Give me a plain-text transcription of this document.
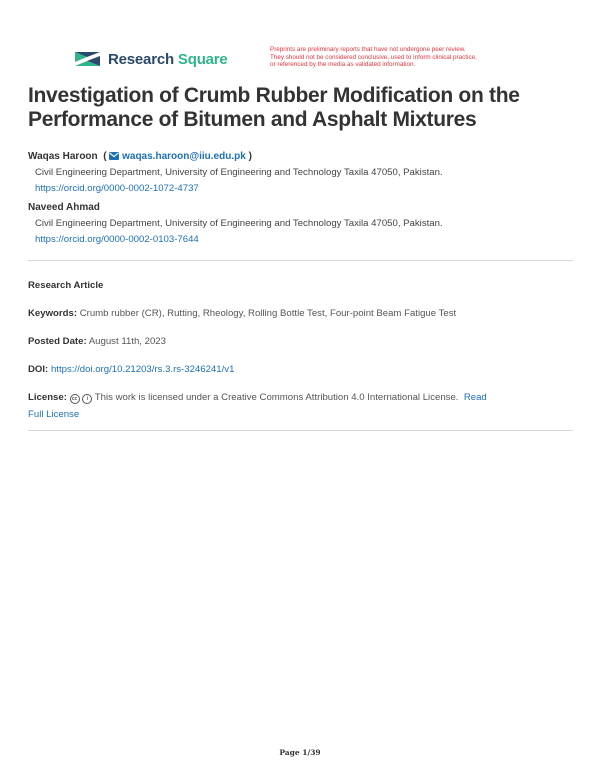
Research Square
Preprints are preliminary reports that have not undergone peer review.
They should not be considered conclusive, used to inform clinical practice,
or referenced by the media as validated information.
Investigation of Crumb Rubber Modification on the
Performance of Bitumen and Asphalt Mixtures
Waqas Haroon ( waqas.haroon@iiu.edu.pk )
Civil Engineering Department, University of Engineering and Technology Taxila 47050, Pakistan.
https://orcid.org/0000-0002-1072-4737
Naveed Ahmad
Civil Engineering Department, University of Engineering and Technology Taxila 47050, Pakistan.
https://orcid.org/0000-0002-0103-7644
Research Article
Keywords: Crumb rubber (CR), Rutting, Rheology, Rolling Bottle Test, Four-point Beam Fatigue Test
Posted Date: August 11th, 2023
DOI: https://doi.org/10.21203/rs.3.rs-3246241/v1
License: cc i This work is licensed under a Creative Commons Attribution 4.0 International License. Read
Full License
Page 1/39
